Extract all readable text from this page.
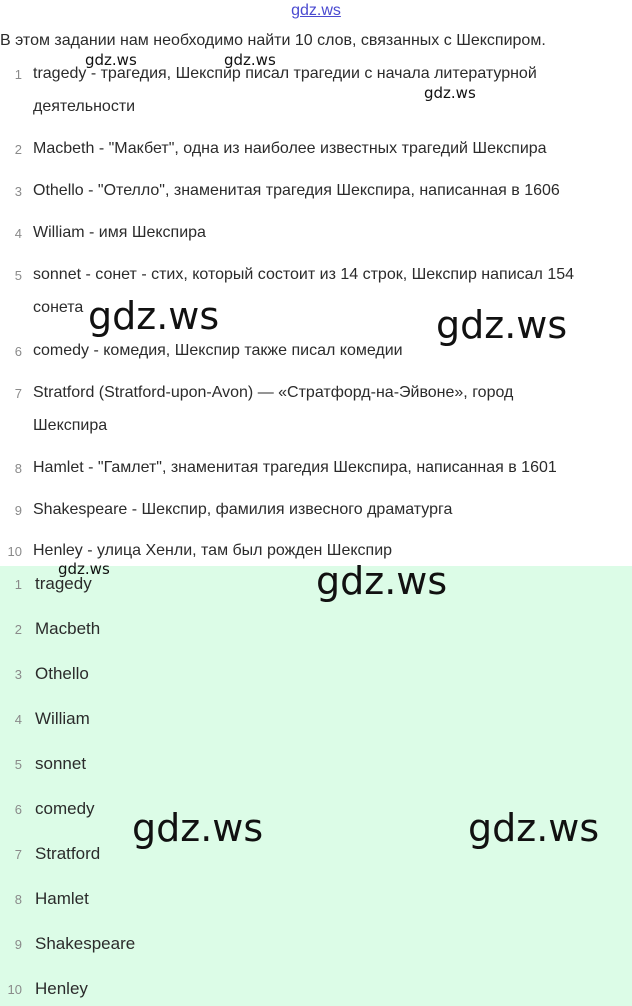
gdz.ws
В этом задании нам необходимо найти 10 слов, связанных с Шекспиром.
1 tragedy - трагедия, Шекспир писал трагедии с начала литературной
деятельности
2 Macbeth - "Макбет", одна из наиболее известных трагедий Шекспира
3 Othello - "Отелло", знаменитая трагедия Шекспира, написанная в 1606
4 William - имя Шекспира
5 sonnet - сонет - стих, который состоит из 14 строк, Шекспир написал 154
сонета
6 comedy - комедия, Шекспир также писал комедии
7 Stratford (Stratford-upon-Avon) — «Стратфорд-на-Эйвоне», город
Шекспира
8 Hamlet - "Гамлет", знаменитая трагедия Шекспира, написанная в 1601
9 Shakespeare - Шекспир, фамилия извесного драматурга
10 Henley - улица Хенли, там был рожден Шекспир
1 tragedy
2 Macbeth
3 Othello
4 William
5 sonnet
6 comedy
7 Stratford
8 Hamlet
9 Shakespeare
10 Henley
gdz.ws	gdz.ws
gdz.ws
gdz.ws	gdz.ws
gdz.ws	gdz.ws
gdz.ws	gdz.ws
